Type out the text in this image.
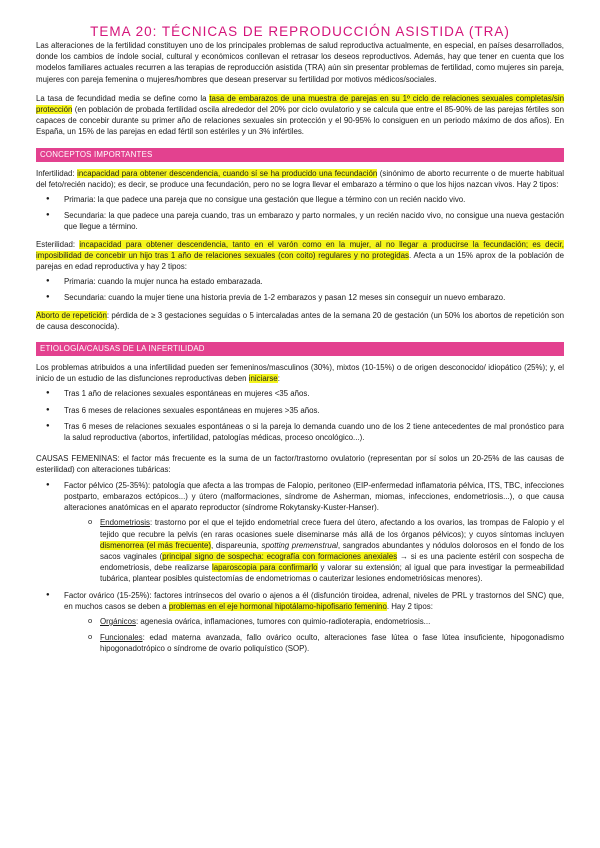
TEMA 20: TÉCNICAS DE REPRODUCCIÓN ASISTIDA (TRA)

Las alteraciones de la fertilidad constituyen uno de los principales problemas de salud reproductiva actualmente, en especial, en países desarrollados, donde los cambios de índole social, cultural y económicos conllevan el retrasar los deseos reproductivos. Además, hay que tener en cuenta que los modelos familiares actuales recurren a las terapias de reproducción asistida (TRA) aún sin presentar problemas de fertilidad, como mujeres sin pareja, mujeres con pareja femenina o mujeres/hombres que desean preservar su fertilidad por motivos médicos/sociales.

La tasa de fecundidad media se define como la tasa de embarazos de una muestra de parejas en su 1º ciclo de relaciones sexuales completas/sin protección (en población de probada fertilidad oscila alrededor del 20% por ciclo ovulatorio y se calcula que entre el 85-90% de las parejas fértiles son capaces de concebir durante su primer año de relaciones sexuales sin protección y el 90-95% lo consiguen en un periodo máximo de dos años). En España, un 15% de las parejas en edad fértil son estériles y un 3% infértiles.

CONCEPTOS IMPORTANTES

Infertilidad: incapacidad para obtener descendencia, cuando sí se ha producido una fecundación (sinónimo de aborto recurrente o de muerte habitual del feto/recién nacido); es decir, se produce una fecundación, pero no se logra llevar el embarazo a término o que los hijos nazcan vivos. Hay 2 tipos:

● Primaria: la que padece una pareja que no consigue una gestación que llegue a término con un recién nacido vivo.
● Secundaria: la que padece una pareja cuando, tras un embarazo y parto normales, y un recién nacido vivo, no consigue una nueva gestación que llegue a término.

Esterilidad: incapacidad para obtener descendencia, tanto en el varón como en la mujer, al no llegar a producirse la fecundación; es decir, imposibilidad de concebir un hijo tras 1 año de relaciones sexuales (con coito) regulares y no protegidas. Afecta a un 15% aprox de la población de parejas en edad reproductiva y hay 2 tipos:

● Primaria: cuando la mujer nunca ha estado embarazada.
● Secundaria: cuando la mujer tiene una historia previa de 1-2 embarazos y pasan 12 meses sin conseguir un nuevo embarazo.

Aborto de repetición: pérdida de ≥ 3 gestaciones seguidas o 5 intercaladas antes de la semana 20 de gestación (un 50% los abortos de repetición son de causa desconocida).

ETIOLOGÍA/CAUSAS DE LA INFERTILIDAD

Los problemas atribuidos a una infertilidad pueden ser femeninos/masculinos (30%), mixtos (10-15%) o de origen desconocido/ idiopático (25%); y, el inicio de un estudio de las disfunciones reproductivas deben iniciarse:

● Tras 1 año de relaciones sexuales espontáneas en mujeres <35 años.
● Tras 6 meses de relaciones sexuales espontáneas en mujeres >35 años.
● Tras 6 meses de relaciones sexuales espontáneas o si la pareja lo demanda cuando uno de los 2 tiene antecedentes de mal pronóstico para la salud reproductiva (abortos, infertilidad, patologías médicas, proceso oncológico...).

CAUSAS FEMENINAS: el factor más frecuente es la suma de un factor/trastorno ovulatorio (representan por sí solos un 20-25% de las causas de esterilidad) con alteraciones tubáricas:

● Factor pélvico (25-35%): patología que afecta a las trompas de Falopio, peritoneo (EIP-enfermedad inflamatoria pélvica, ITS, TBC, infecciones postparto, embarazos ectópicos...) y útero (malformaciones, síndrome de Asherman, miomas, infecciones, endometriosis...), o que causa alteraciones anatómicas en el aparato reproductor (síndrome Rokytansky-Kuster-Hanser).
o Endometriosis: trastorno por el que el tejido endometrial crece fuera del útero, afectando a los ovarios, las trompas de Falopio y el tejido que recubre la pelvis (en raras ocasiones suele diseminarse más allá de los órganos pélvicos); y cuyos síntomas incluyen dismenorrea (el más frecuente), dispareunia, spotting premenstrual, sangrados abundantes y nódulos dolorosos en el fondo de los sacos vaginales (principal signo de sospecha: ecografía con formaciones anexiales → si es una paciente estéril con sospecha de endometriosis, debe realizarse laparoscopia para confirmarlo y valorar su extensión; al igual que para investigar la permeabilidad tubárica, plantear posibles quistectomías de endometriomas o cauterizar lesiones endometriósicas menores).
● Factor ovárico (15-25%): factores intrínsecos del ovario o ajenos a él (disfunción tiroidea, adrenal, niveles de PRL y trastornos del SNC) que, en muchos casos se deben a problemas en el eje hormonal hipotálamo-hipofisario femenino. Hay 2 tipos:
o Orgánicos: agenesia ovárica, inflamaciones, tumores con quimio-radioterapia, endometriosis...
o Funcionales: edad materna avanzada, fallo ovárico oculto, alteraciones fase lútea o fase lútea insuficiente, hipogonadismo hipogonadotrópico o síndrome de ovario poliquístico (SOP).
